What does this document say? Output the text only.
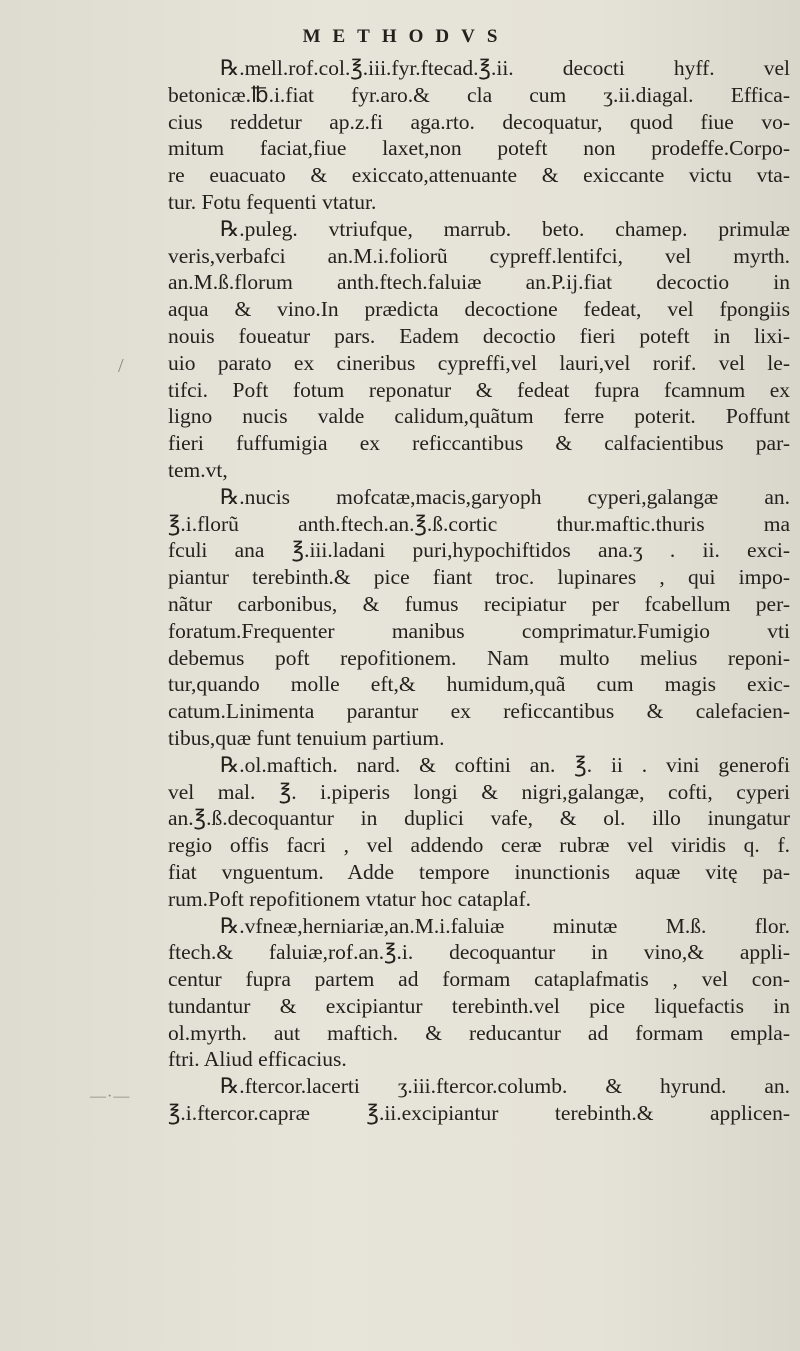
METHODVS
/
—·—
℞.mell.rof.col.℥.iii.fyr.ftecad.℥.ii. decocti hyff. vel
betonicæ.℔.i.fiat fyr.aro.& cla cum ʒ.ii.diagal. Effica-
cius reddetur ap.z.fi aga.rto. decoquatur, quod fiue vo-
mitum faciat,fiue laxet,non poteft non prodeffe.Corpo-
re euacuato & exiccato,attenuante & exiccante victu vta-
tur. Fotu fequenti vtatur.
℞.puleg. vtriufque, marrub. beto. chamep. primulæ
veris,verbafci an.M.i.foliorũ cypreff.lentifci, vel myrth.
an.M.ß.florum anth.ftech.faluiæ an.P.ij.fiat decoctio in
aqua & vino.In prædicta decoctione fedeat, vel fpongiis
nouis foueatur pars. Eadem decoctio fieri poteft in lixi-
uio parato ex cineribus cypreffi,vel lauri,vel rorif. vel le-
tifci. Poft fotum reponatur & fedeat fupra fcamnum ex
ligno nucis valde calidum,quãtum ferre poterit. Poffunt
fieri fuffumigia ex reficcantibus & calfacientibus par-
tem.vt,
℞.nucis mofcatæ,macis,garyoph cyperi,galangæ an.
℥.i.florũ anth.ftech.an.℥.ß.cortic thur.maftic.thuris ma
fculi ana ℥.iii.ladani puri,hypochiftidos ana.ʒ . ii. exci-
piantur terebinth.& pice fiant troc. lupinares , qui impo-
nãtur carbonibus, & fumus recipiatur per fcabellum per-
foratum.Frequenter manibus comprimatur.Fumigio vti
debemus poft repofitionem. Nam multo melius reponi-
tur,quando molle eft,& humidum,quã cum magis exic-
catum.Linimenta parantur ex reficcantibus & calefacien-
tibus,quæ funt tenuium partium.
℞.ol.maftich. nard. & coftini an. ℥. ii . vini generofi
vel mal. ℥. i.piperis longi & nigri,galangæ, cofti, cyperi
an.℥.ß.decoquantur in duplici vafe, & ol. illo inungatur
regio offis facri , vel addendo ceræ rubræ vel viridis q. f.
fiat vnguentum. Adde tempore inunctionis aquæ vitę pa-
rum.Poft repofitionem vtatur hoc cataplaf.
℞.vfneæ,herniariæ,an.M.i.faluiæ minutæ M.ß. flor.
ftech.& faluiæ,rof.an.℥.i. decoquantur in vino,& appli-
centur fupra partem ad formam cataplafmatis , vel con-
tundantur & excipiantur terebinth.vel pice liquefactis in
ol.myrth. aut maftich. & reducantur ad formam empla-
ftri. Aliud efficacius.
℞.ftercor.lacerti ʒ.iii.ftercor.columb. & hyrund. an.
℥.i.ftercor.capræ ℥.ii.excipiantur terebinth.& applicen-
